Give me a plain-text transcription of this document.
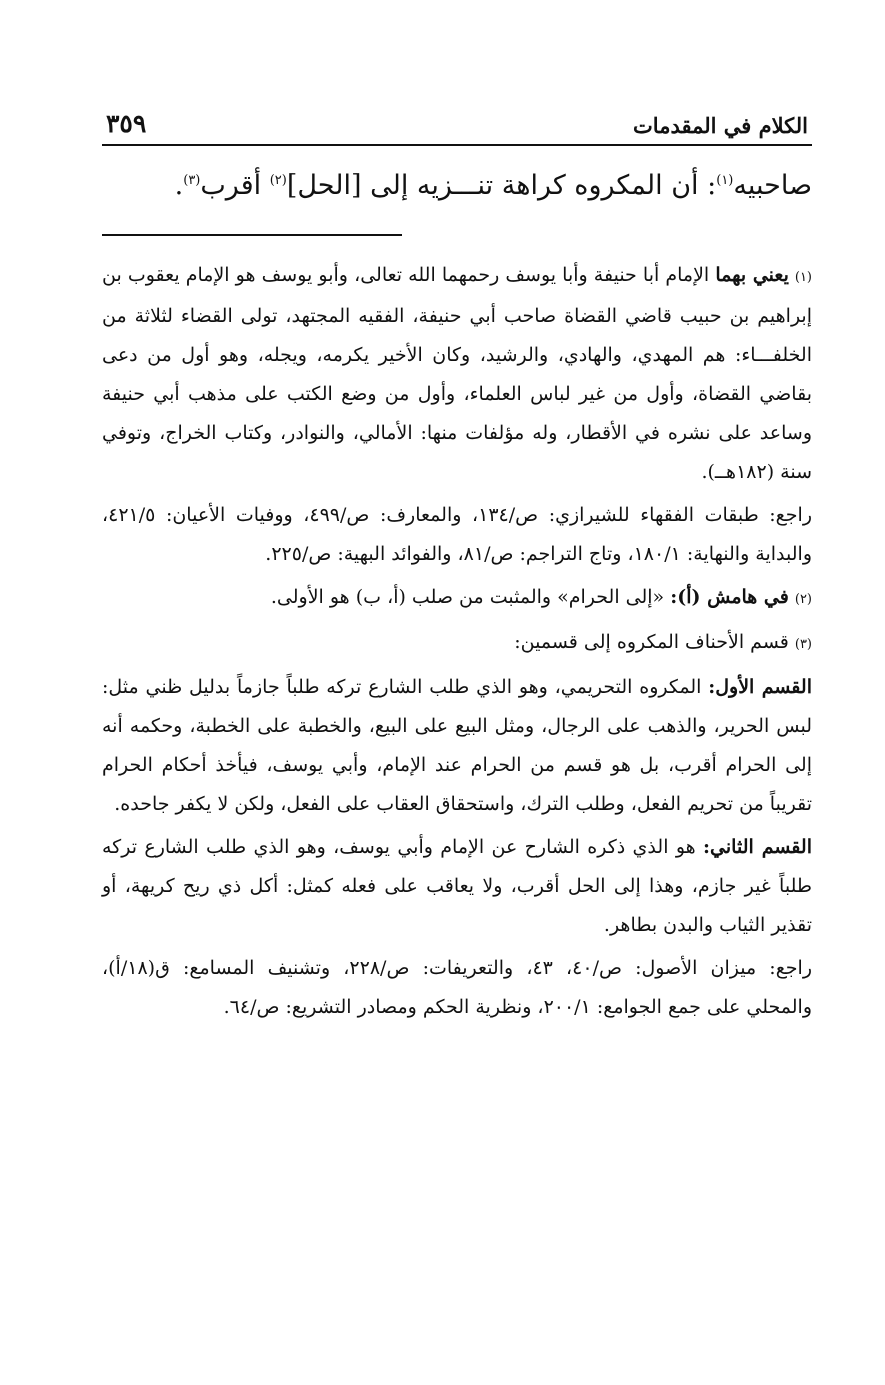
الكلام في المقدمات
٣٥٩
صاحبيه$^{(١)}$: أن المكروه كراهة تنـــزيه إلى [الحل]$^{(٢)}$ أقرب$^{(٣)}$.

(١)يعني بهما الإمام أبا حنيفة وأبا يوسف رحمهما الله تعالى، وأبو يوسف هو الإمام يعقوب بن إبراهيم بن حبيب قاضي القضاة صاحب أبي حنيفة، الفقيه المجتهد، تولى القضاء لثلاثة من الخلفـــاء: هم المهدي، والهادي، والرشيد، وكان الأخير يكرمه، ويجله، وهو أول من دعى بقاضي القضاة، وأول من غير لباس العلماء، وأول من وضع الكتب على مذهب أبي حنيفة وساعد على نشره في الأقطار، وله مؤلفات منها: الأمالي، والنوادر، وكتاب الخراج، وتوفي سنة (١٨٢هــ).

راجع: طبقات الفقهاء للشيرازي: ص/١٣٤، والمعارف: ص/٤٩٩، ووفيات الأعيان: ٤٢١/٥، والبداية والنهاية: ١٨٠/١، وتاج التراجم: ص/٨١، والفوائد البهية: ص/٢٢٥.

(٢)في هامش (أ): «إلى الحرام» والمثبت من صلب (أ، ب) هو الأولى.

(٣)قسم الأحناف المكروه إلى قسمين:

القسم الأول: المكروه التحريمي، وهو الذي طلب الشارع تركه طلباً جازماً بدليل ظني مثل: لبس الحرير، والذهب على الرجال، ومثل البيع على البيع، والخطبة على الخطبة، وحكمه أنه إلى الحرام أقرب، بل هو قسم من الحرام عند الإمام، وأبي يوسف، فيأخذ أحكام الحرام تقريباً من تحريم الفعل، وطلب الترك، واستحقاق العقاب على الفعل، ولكن لا يكفر جاحده.

القسم الثاني: هو الذي ذكره الشارح عن الإمام وأبي يوسف، وهو الذي طلب الشارع تركه طلباً غير جازم، وهذا إلى الحل أقرب، ولا يعاقب على فعله كمثل: أكل ذي ريح كريهة، أو تقذير الثياب والبدن بطاهر.

راجع: ميزان الأصول: ص/٤٠، ٤٣، والتعريفات: ص/٢٢٨، وتشنيف المسامع: ق(١٨/أ)، والمحلي على جمع الجوامع: ٢٠٠/١، ونظرية الحكم ومصادر التشريع: ص/٦٤.
